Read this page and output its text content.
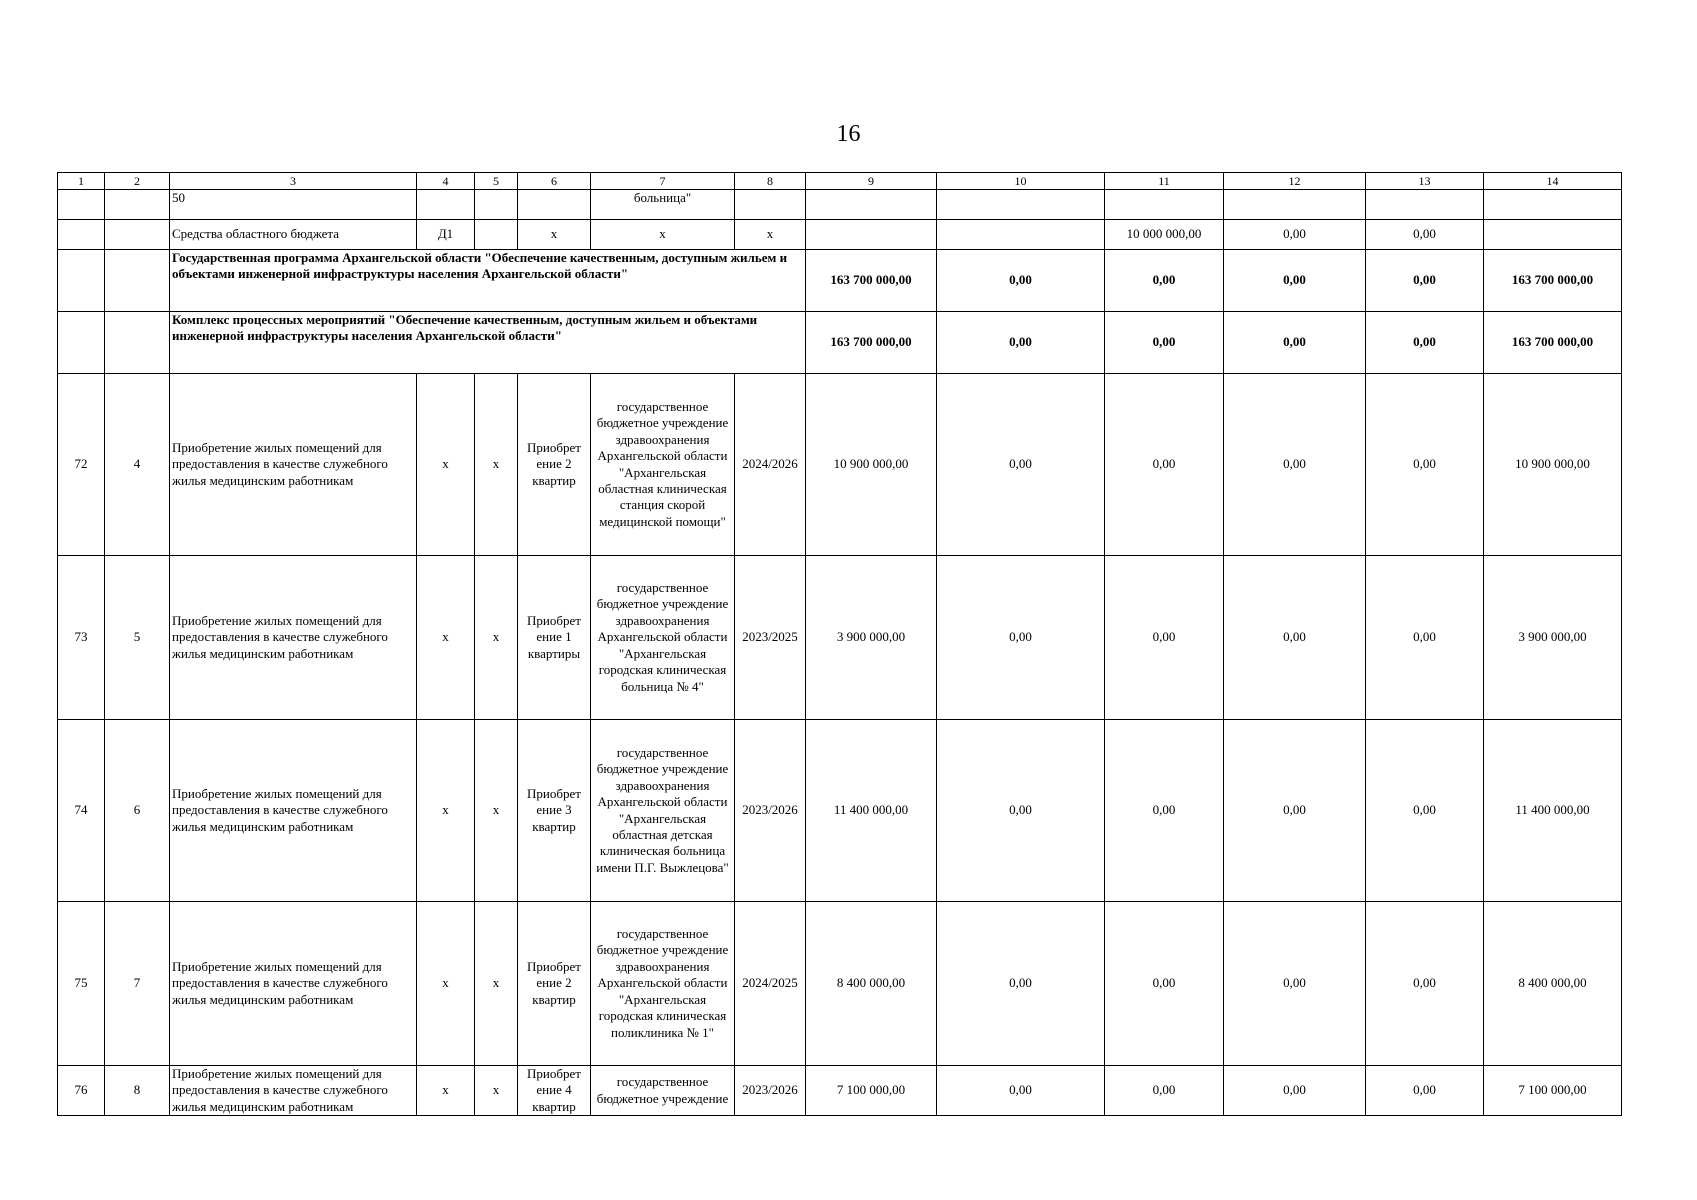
16
1	2	3	4	5	6	7	8	9	10	11	12	13	14
		50				больница"							
		Средства областного бюджета	Д1		х	х	х			10 000 000,00	0,00	0,00	
		Государственная программа Архангельской области "Обеспечение качественным, доступным жильем и объектами инженерной инфраструктуры населения Архангельской области"						163 700 000,00	0,00	0,00	0,00	0,00	163 700 000,00
		Комплекс процессных мероприятий "Обеспечение качественным, доступным жильем и объектами инженерной инфраструктуры населения Архангельской области"						163 700 000,00	0,00	0,00	0,00	0,00	163 700 000,00
72	4	Приобретение жилых помещений для предоставления в качестве служебного жилья медицинским работникам	х	х	Приобрет ение 2 квартир	государственное бюджетное учреждение здравоохранения Архангельской области "Архангельская областная клиническая станция скорой медицинской помощи"	2024/2026	10 900 000,00	0,00	0,00	0,00	0,00	10 900 000,00
73	5	Приобретение жилых помещений для предоставления в качестве служебного жилья медицинским работникам	х	х	Приобрет ение 1 квартиры	государственное бюджетное учреждение здравоохранения Архангельской области "Архангельская городская клиническая больница № 4"	2023/2025	3 900 000,00	0,00	0,00	0,00	0,00	3 900 000,00
74	6	Приобретение жилых помещений для предоставления в качестве служебного жилья медицинским работникам	х	х	Приобрет ение 3 квартир	государственное бюджетное учреждение здравоохранения Архангельской области "Архангельская областная детская клиническая больница имени П.Г. Выжлецова"	2023/2026	11 400 000,00	0,00	0,00	0,00	0,00	11 400 000,00
75	7	Приобретение жилых помещений для предоставления в качестве служебного жилья медицинским работникам	х	х	Приобрет ение 2 квартир	государственное бюджетное учреждение здравоохранения Архангельской области "Архангельская городская клиническая поликлиника № 1"	2024/2025	8 400 000,00	0,00	0,00	0,00	0,00	8 400 000,00
76	8	Приобретение жилых помещений для предоставления в качестве служебного жилья медицинским работникам	х	х	Приобрет ение 4 квартир	государственное бюджетное учреждение	2023/2026	7 100 000,00	0,00	0,00	0,00	0,00	7 100 000,00
